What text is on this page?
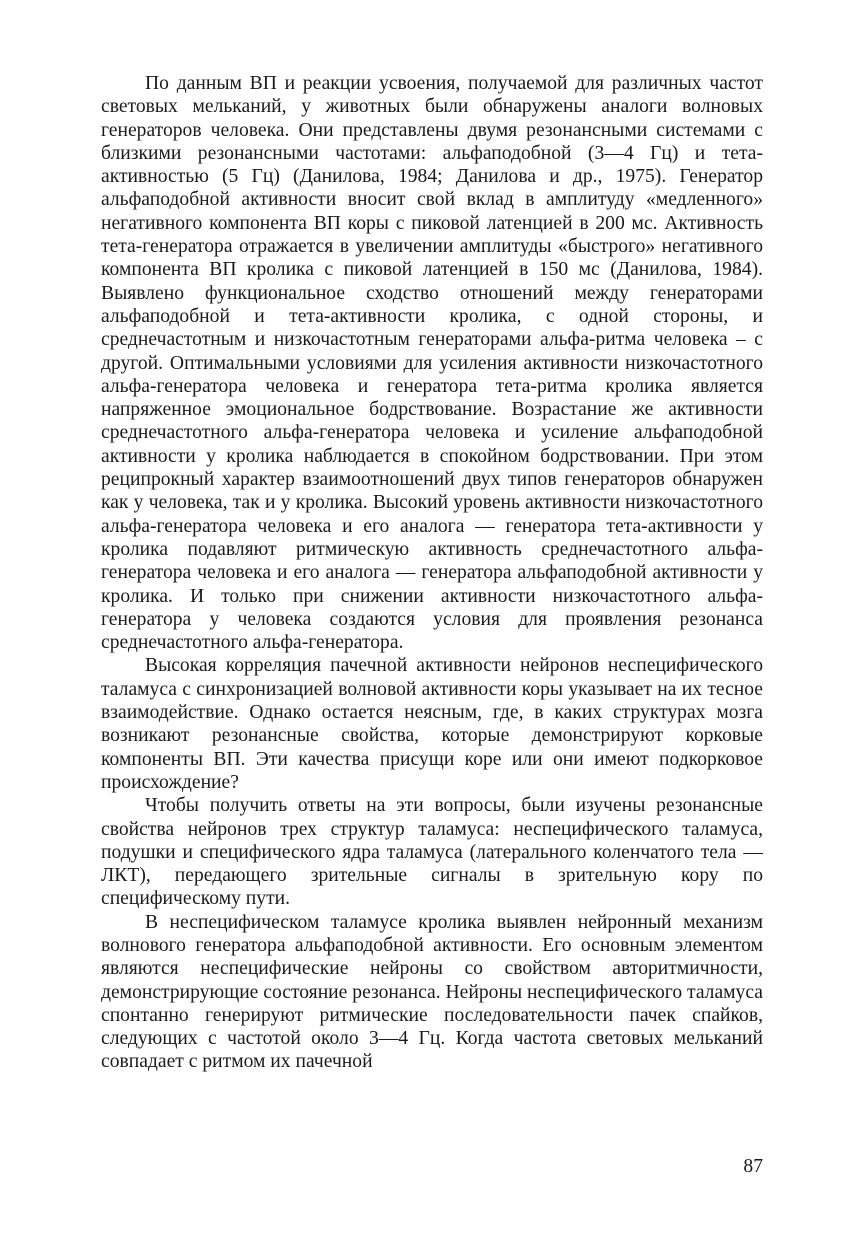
По данным ВП и реакции усвоения, получаемой для различных частот световых мельканий, у животных были обнаружены аналоги волновых генераторов человека. Они представлены двумя резонансными системами с близкими резонансными частотами: альфаподобной (3—4 Гц) и тета-активностью (5 Гц) (Данилова, 1984; Данилова и др., 1975). Генератор альфаподобной активности вносит свой вклад в амплитуду «медленного» негативного компонента ВП коры с пиковой латенцией в 200 мс. Активность тета-генератора отражается в увеличении амплитуды «быстрого» негативного компонента ВП кролика с пиковой латенцией в 150 мс (Данилова, 1984). Выявлено функциональное сходство отношений между генераторами альфаподобной и тета-активности кролика, с одной стороны, и среднечастотным и низкочастотным генераторами альфа-ритма человека – с другой. Оптимальными условиями для усиления активности низкочастотного альфа-генератора человека и генератора тета-ритма кролика является напряженное эмоциональное бодрствование. Возрастание же активности среднечастотного альфа-генератора человека и усиление альфаподобной активности у кролика наблюдается в спокойном бодрствовании. При этом реципрокный характер взаимоотношений двух типов генераторов обнаружен как у человека, так и у кролика. Высокий уровень активности низкочастотного альфа-генератора человека и его аналога — генератора тета-активности у кролика подавляют ритмическую активность среднечастотного альфа-генератора человека и его аналога — генератора альфаподобной активности у кролика. И только при снижении активности низкочастотного альфа-генератора у человека создаются условия для проявления резонанса среднечастотного альфа-генератора.

Высокая корреляция пачечной активности нейронов неспецифического таламуса с синхронизацией волновой активности коры указывает на их тесное взаимодействие. Однако остается неясным, где, в каких структурах мозга возникают резонансные свойства, которые демонстрируют корковые компоненты ВП. Эти качества присущи коре или они имеют подкорковое происхождение?

Чтобы получить ответы на эти вопросы, были изучены резонансные свойства нейронов трех структур таламуса: неспецифического таламуса, подушки и специфического ядра таламуса (латерального коленчатого тела — ЛКТ), передающего зрительные сигналы в зрительную кору по специфическому пути.

В неспецифическом таламусе кролика выявлен нейронный механизм волнового генератора альфаподобной активности. Его основным элементом являются неспецифические нейроны со свойством авторитмичности, демонстрирующие состояние резонанса. Нейроны неспецифического таламуса спонтанно генерируют ритмические последовательности пачек спайков, следующих с частотой около 3—4 Гц. Когда частота световых мельканий совпадает с ритмом их пачечной

87
